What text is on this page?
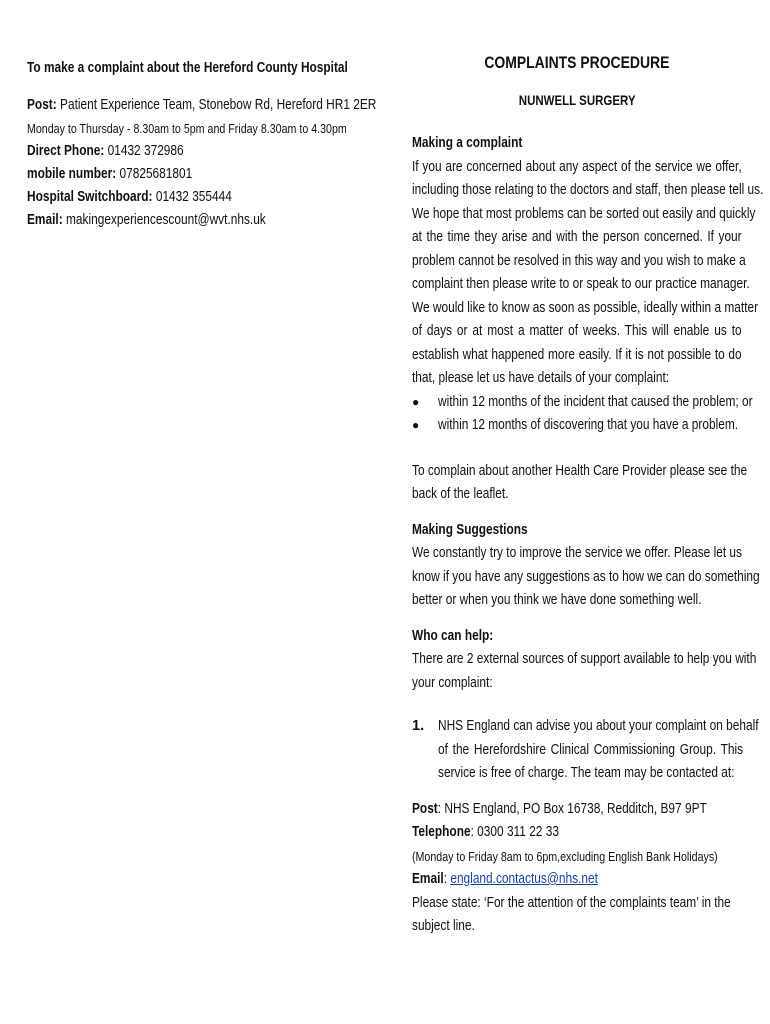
To make a complaint about the Hereford County Hospital
Post: Patient Experience Team, Stonebow Rd, Hereford HR1 2ER
Monday to Thursday - 8.30am to 5pm and Friday 8.30am to 4.30pm
Direct Phone: 01432 372986
mobile number: 07825681801
Hospital Switchboard: 01432 355444
Email: makingexperiencescount@wvt.nhs.uk
COMPLAINTS PROCEDURE
NUNWELL SURGERY
Making a complaint
If you are concerned about any aspect of the service we offer,
including those relating to the doctors and staff, then please tell us.
We hope that most problems can be sorted out easily and quickly
at the time they arise and with the person concerned. If your
problem cannot be resolved in this way and you wish to make a
complaint then please write to or speak to our practice manager.
We would like to know as soon as possible, ideally within a matter
of days or at most a matter of weeks. This will enable us to
establish what happened more easily. If it is not possible to do
that, please let us have details of your complaint:
● within 12 months of the incident that caused the problem; or
● within 12 months of discovering that you have a problem.
To complain about another Health Care Provider please see the
back of the leaflet.
Making Suggestions
We constantly try to improve the service we offer. Please let us
know if you have any suggestions as to how we can do something
better or when you think we have done something well.
Who can help:
There are 2 external sources of support available to help you with
your complaint:
1. NHS England can advise you about your complaint on behalf
of the Herefordshire Clinical Commissioning Group. This
service is free of charge. The team may be contacted at:
Post: NHS England, PO Box 16738, Redditch, B97 9PT
Telephone: 0300 311 22 33
(Monday to Friday 8am to 6pm,excluding English Bank Holidays)
Email: england.contactus@nhs.net
Please state: ‘For the attention of the complaints team’ in the
subject line.
